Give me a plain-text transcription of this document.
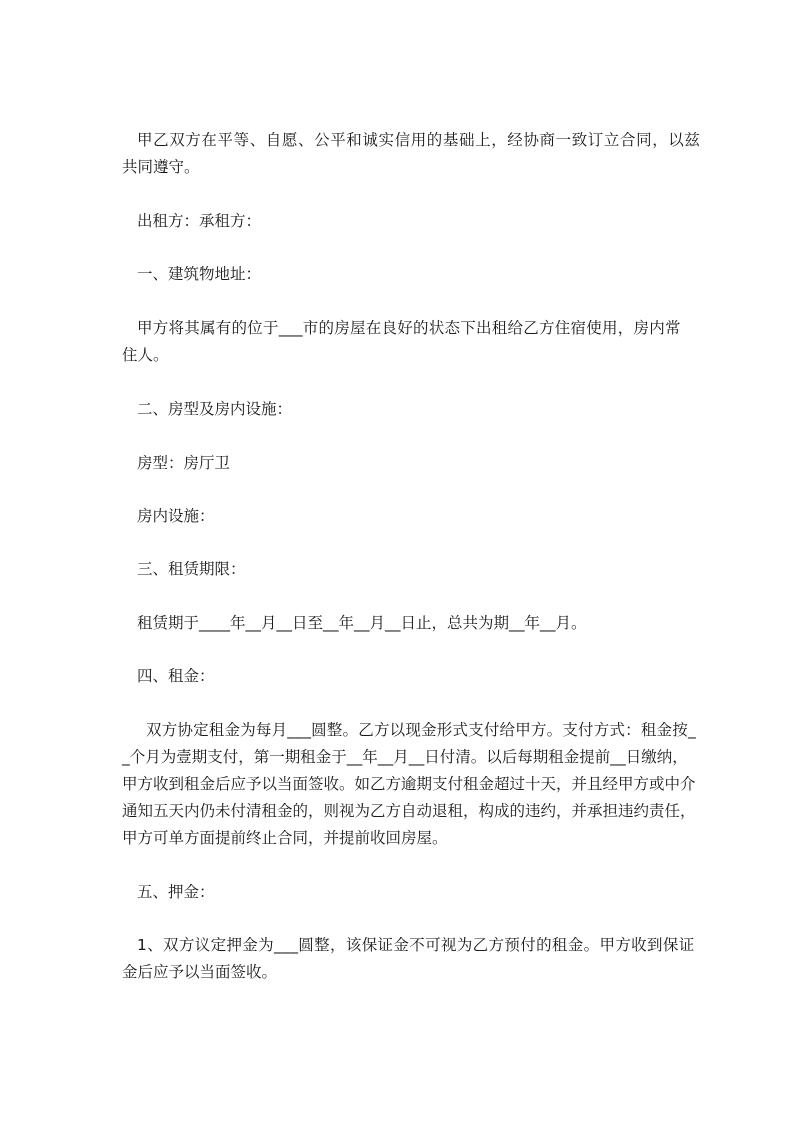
甲乙双方在平等、自愿、公平和诚实信用的基础上，经协商一致订立合同，以兹

共同遵守。

出租方：承租方：

一、建筑物地址：

甲方将其属有的位于___市的房屋在良好的状态下出租给乙方住宿使用，房内常

住人。

二、房型及房内设施：

房型：房厅卫

房内设施：

三、租赁期限：

租赁期于____年__月__日至__年__月__日止，总共为期__年__月。

四、租金：

双方协定租金为每月___圆整。乙方以现金形式支付给甲方。支付方式：租金按_

_个月为壹期支付，第一期租金于__年__月__日付清。以后每期租金提前__日缴纳，

甲方收到租金后应予以当面签收。如乙方逾期支付租金超过十天，并且经甲方或中介

通知五天内仍未付清租金的，则视为乙方自动退租，构成的违约，并承担违约责任，

甲方可单方面提前终止合同，并提前收回房屋。

五、押金：

1、双方议定押金为___圆整，该保证金不可视为乙方预付的租金。甲方收到保证

金后应予以当面签收。
